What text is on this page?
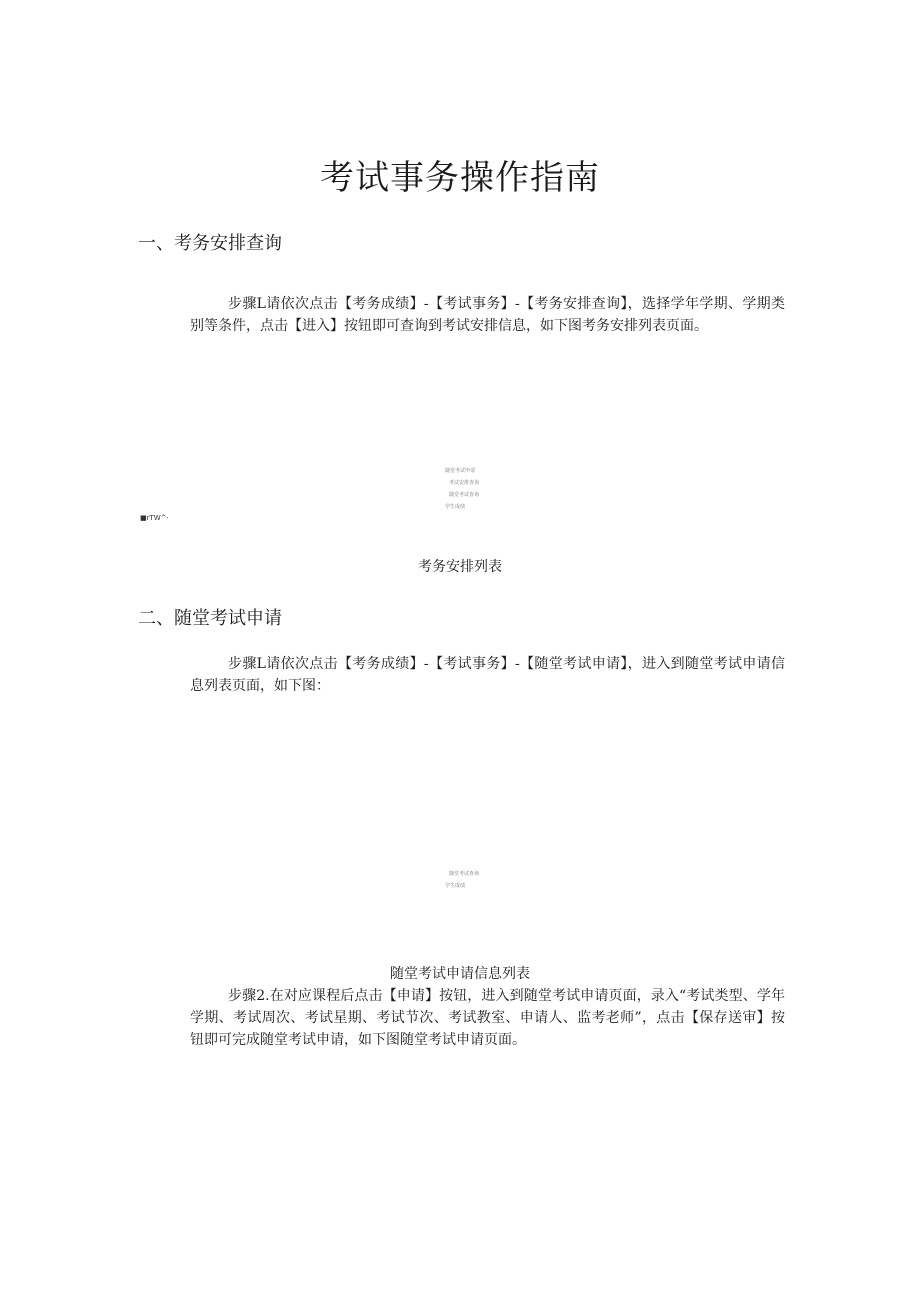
考试事务操作指南
一、考务安排查询

步骤L请依次点击【考务成绩】-【考试事务】-【考务安排查询】，选择学年学期、学期类别等条件，点击【进入】按钮即可查询到考试安排信息，如下图考务安排列表页面。

随堂考试申请
考试安排查询
随堂考试查询
学生成绩
■rTW^·

考务安排列表

二、随堂考试申请

步骤L请依次点击【考务成绩】-【考试事务】-【随堂考试申请】，进入到随堂考试申请信息列表页面，如下图：

随堂考试查询
学生成绩

随堂考试申请信息列表

步骤2.在对应课程后点击【申请】按钮，进入到随堂考试申请页面，录入“考试类型、学年学期、考试周次、考试星期、考试节次、考试教室、申请人、监考老师”，点击【保存送审】按钮即可完成随堂考试申请，如下图随堂考试申请页面。
